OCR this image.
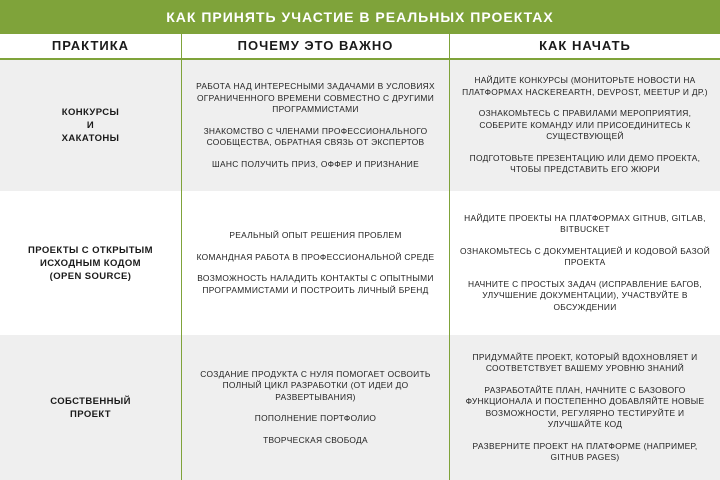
КАК ПРИНЯТЬ УЧАСТИЕ В РЕАЛЬНЫХ ПРОЕКТАХ
ПРАКТИКА	ПОЧЕМУ ЭТО ВАЖНО	КАК НАЧАТЬ
КОНКУРСЫ
И
ХАКАТОНЫ
РАБОТА НАД ИНТЕРЕСНЫМИ ЗАДАЧАМИ В УСЛОВИЯХ ОГРАНИЧЕННОГО ВРЕМЕНИ СОВМЕСТНО С ДРУГИМИ ПРОГРАММИСТАМИ
ЗНАКОМСТВО С ЧЛЕНАМИ ПРОФЕССИОНАЛЬНОГО СООБЩЕСТВА, ОБРАТНАЯ СВЯЗЬ ОТ ЭКСПЕРТОВ
ШАНС ПОЛУЧИТЬ ПРИЗ, ОФФЕР И ПРИЗНАНИЕ
НАЙДИТЕ КОНКУРСЫ (МОНИТОРЬТЕ НОВОСТИ НА ПЛАТФОРМАХ HACKEREARTH, DEVPOST, MEETUP И ДР.)
ОЗНАКОМЬТЕСЬ С ПРАВИЛАМИ МЕРОПРИЯТИЯ, СОБЕРИТЕ КОМАНДУ ИЛИ ПРИСОЕДИНИТЕСЬ К СУЩЕСТВУЮЩЕЙ
ПОДГОТОВЬТЕ ПРЕЗЕНТАЦИЮ ИЛИ ДЕМО ПРОЕКТА, ЧТОБЫ ПРЕДСТАВИТЬ ЕГО ЖЮРИ
ПРОЕКТЫ С ОТКРЫТЫМ
ИСХОДНЫМ КОДОМ
(OPEN SOURCE)
РЕАЛЬНЫЙ ОПЫТ РЕШЕНИЯ ПРОБЛЕМ
КОМАНДНАЯ РАБОТА В ПРОФЕССИОНАЛЬНОЙ СРЕДЕ
ВОЗМОЖНОСТЬ НАЛАДИТЬ КОНТАКТЫ С ОПЫТНЫМИ ПРОГРАММИСТАМИ И ПОСТРОИТЬ ЛИЧНЫЙ БРЕНД
НАЙДИТЕ ПРОЕКТЫ НА ПЛАТФОРМАХ GITHUB, GITLAB, BITBUCKET
ОЗНАКОМЬТЕСЬ С ДОКУМЕНТАЦИЕЙ И КОДОВОЙ БАЗОЙ ПРОЕКТА
НАЧНИТЕ С ПРОСТЫХ ЗАДАЧ (ИСПРАВЛЕНИЕ БАГОВ, УЛУЧШЕНИЕ ДОКУМЕНТАЦИИ), УЧАСТВУЙТЕ В ОБСУЖДЕНИИ
СОБСТВЕННЫЙ
ПРОЕКТ
СОЗДАНИЕ ПРОДУКТА С НУЛЯ ПОМОГАЕТ ОСВОИТЬ ПОЛНЫЙ ЦИКЛ РАЗРАБОТКИ (ОТ ИДЕИ ДО РАЗВЕРТЫВАНИЯ)
ПОПОЛНЕНИЕ ПОРТФОЛИО
ТВОРЧЕСКАЯ СВОБОДА
ПРИДУМАЙТЕ ПРОЕКТ, КОТОРЫЙ ВДОХНОВЛЯЕТ И СООТВЕТСТВУЕТ ВАШЕМУ УРОВНЮ ЗНАНИЙ
РАЗРАБОТАЙТЕ ПЛАН, НАЧНИТЕ С БАЗОВОГО ФУНКЦИОНАЛА И ПОСТЕПЕННО ДОБАВЛЯЙТЕ НОВЫЕ ВОЗМОЖНОСТИ, РЕГУЛЯРНО ТЕСТИРУЙТЕ И УЛУЧШАЙТЕ КОД
РАЗВЕРНИТЕ ПРОЕКТ НА ПЛАТФОРМЕ (НАПРИМЕР, GITHUB PAGES)
